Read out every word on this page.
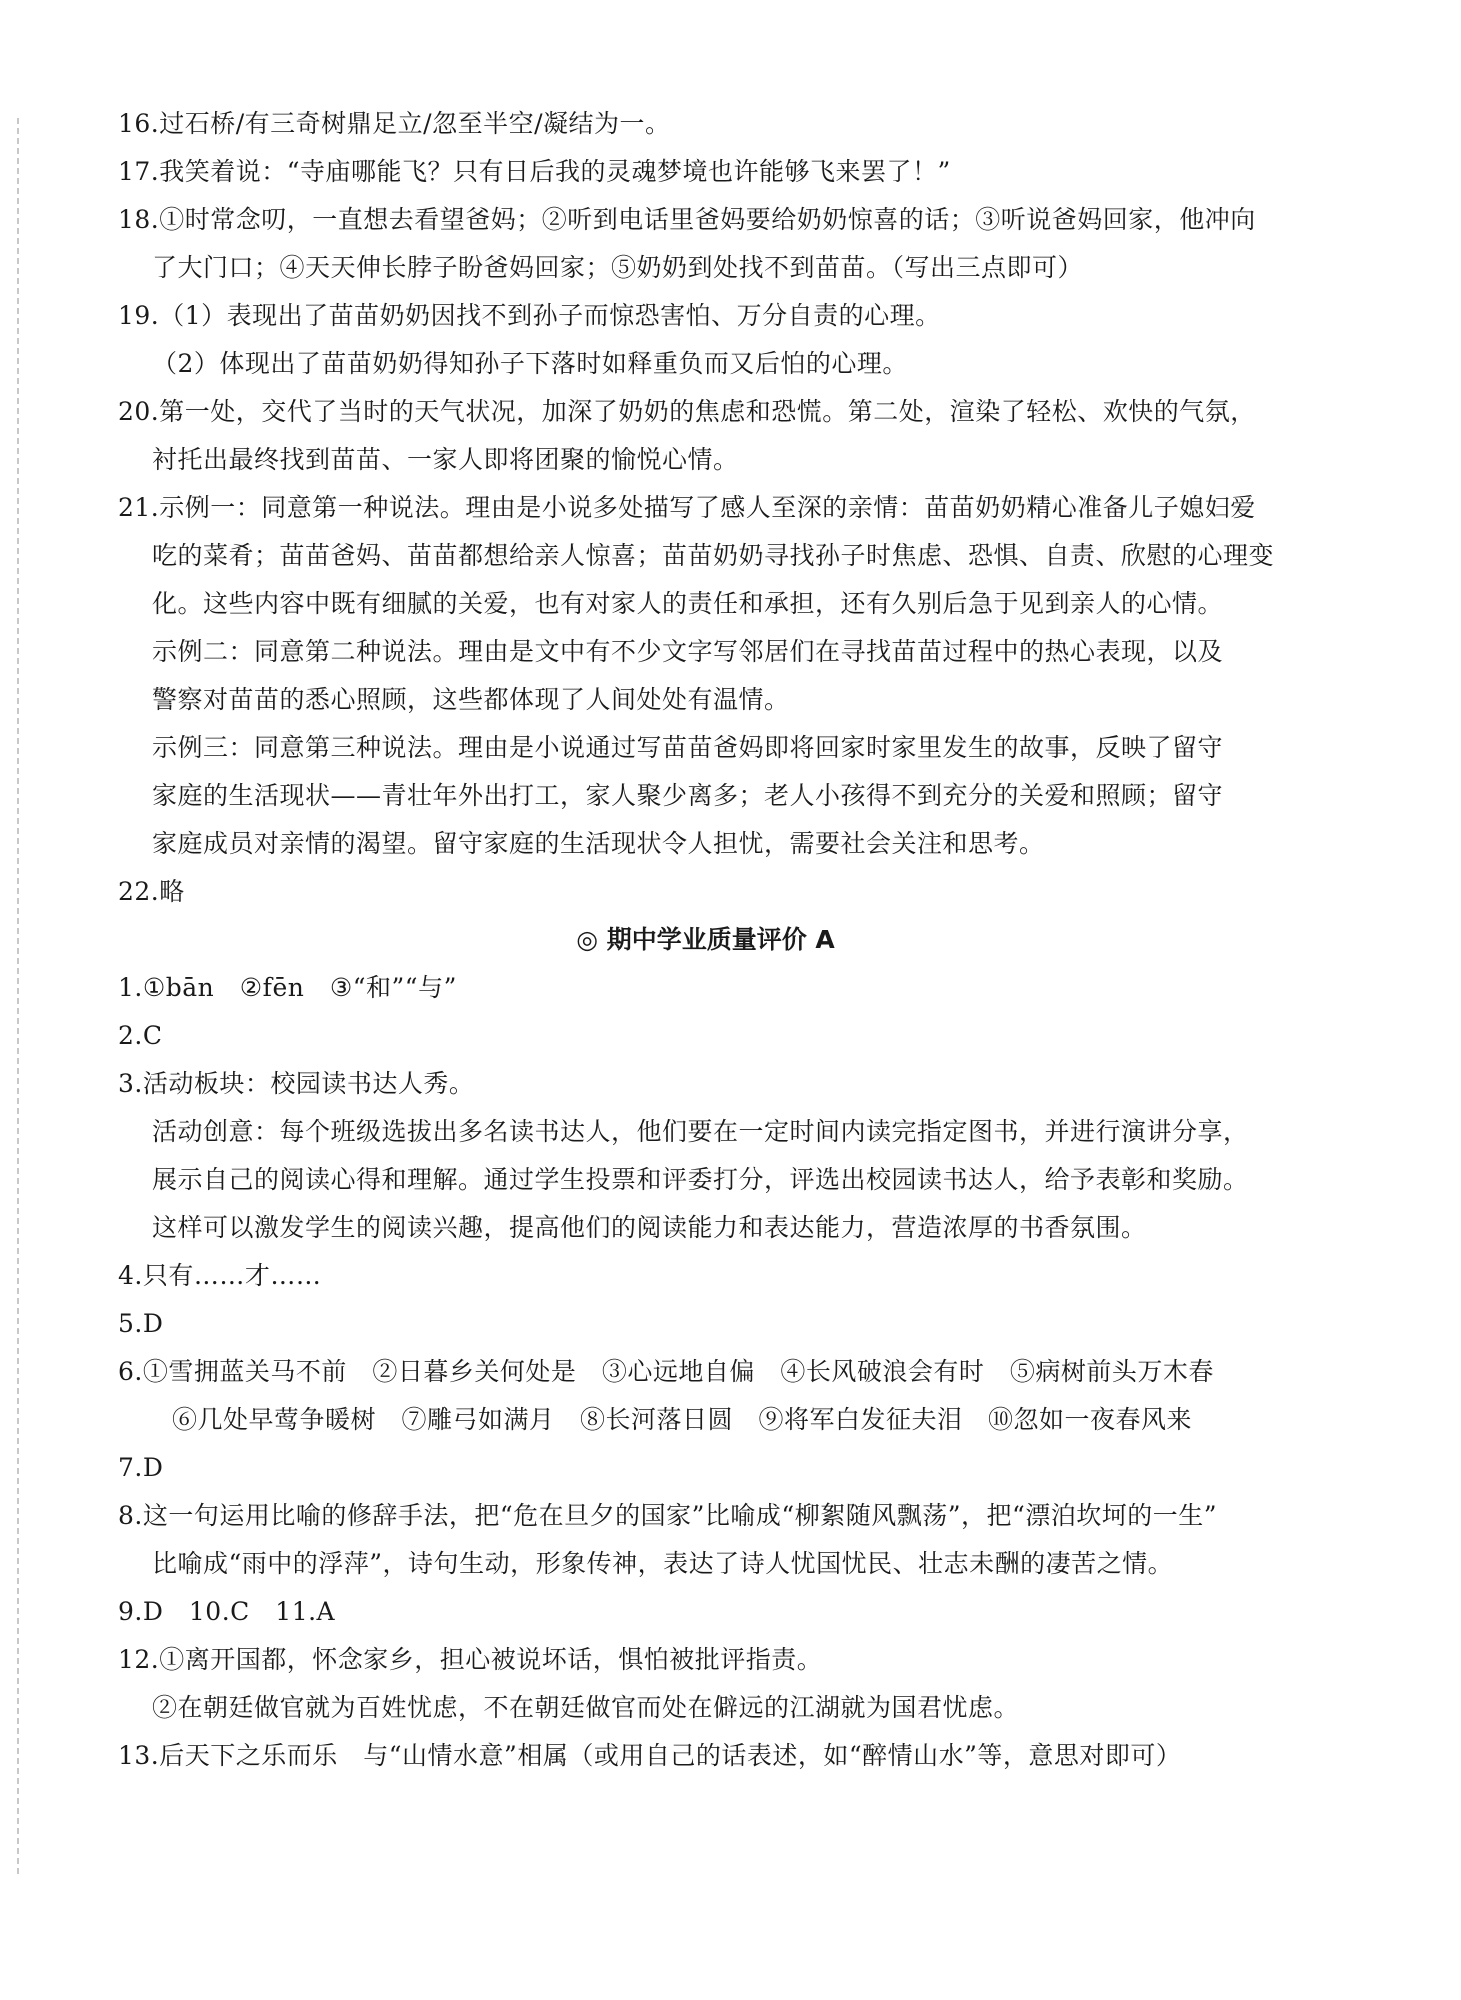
16.过石桥/有三奇树鼎足立/忽至半空/凝结为一。
17.我笑着说：“寺庙哪能飞？只有日后我的灵魂梦境也许能够飞来罢了！”
18.①时常念叨，一直想去看望爸妈；②听到电话里爸妈要给奶奶惊喜的话；③听说爸妈回家，他冲向
了大门口；④天天伸长脖子盼爸妈回家；⑤奶奶到处找不到苗苗。（写出三点即可）
19.（1）表现出了苗苗奶奶因找不到孙子而惊恐害怕、万分自责的心理。
（2）体现出了苗苗奶奶得知孙子下落时如释重负而又后怕的心理。
20.第一处，交代了当时的天气状况，加深了奶奶的焦虑和恐慌。第二处，渲染了轻松、欢快的气氛，
衬托出最终找到苗苗、一家人即将团聚的愉悦心情。
21.示例一：同意第一种说法。理由是小说多处描写了感人至深的亲情：苗苗奶奶精心准备儿子媳妇爱
吃的菜肴；苗苗爸妈、苗苗都想给亲人惊喜；苗苗奶奶寻找孙子时焦虑、恐惧、自责、欣慰的心理变
化。这些内容中既有细腻的关爱，也有对家人的责任和承担，还有久别后急于见到亲人的心情。
示例二：同意第二种说法。理由是文中有不少文字写邻居们在寻找苗苗过程中的热心表现，以及
警察对苗苗的悉心照顾，这些都体现了人间处处有温情。
示例三：同意第三种说法。理由是小说通过写苗苗爸妈即将回家时家里发生的故事，反映了留守
家庭的生活现状——青壮年外出打工，家人聚少离多；老人小孩得不到充分的关爱和照顾；留守
家庭成员对亲情的渴望。留守家庭的生活现状令人担忧，需要社会关注和思考。
22.略
◎ 期中学业质量评价 A
1.①bān　②fēn　③“和”“与”
2.C
3.活动板块：校园读书达人秀。
活动创意：每个班级选拔出多名读书达人，他们要在一定时间内读完指定图书，并进行演讲分享，
展示自己的阅读心得和理解。通过学生投票和评委打分，评选出校园读书达人，给予表彰和奖励。
这样可以激发学生的阅读兴趣，提高他们的阅读能力和表达能力，营造浓厚的书香氛围。
4.只有……才……
5.D
6.①雪拥蓝关马不前　②日暮乡关何处是　③心远地自偏　④长风破浪会有时　⑤病树前头万木春
⑥几处早莺争暖树　⑦雕弓如满月　⑧长河落日圆　⑨将军白发征夫泪　⑩忽如一夜春风来
7.D
8.这一句运用比喻的修辞手法，把“危在旦夕的国家”比喻成“柳絮随风飘荡”，把“漂泊坎坷的一生”
比喻成“雨中的浮萍”，诗句生动，形象传神，表达了诗人忧国忧民、壮志未酬的凄苦之情。
9.D　10.C　11.A
12.①离开国都，怀念家乡，担心被说坏话，惧怕被批评指责。
②在朝廷做官就为百姓忧虑，不在朝廷做官而处在僻远的江湖就为国君忧虑。
13.后天下之乐而乐　与“山情水意”相属（或用自己的话表述，如“醉情山水”等，意思对即可）
